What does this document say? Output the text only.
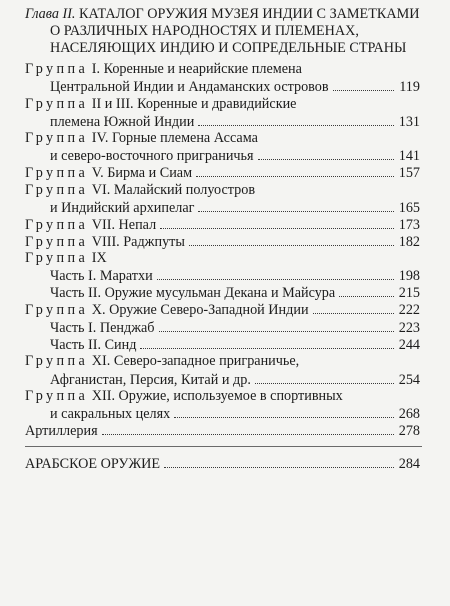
Глава II. КАТАЛОГ ОРУЖИЯ МУЗЕЯ ИНДИИ С ЗАМЕТКАМИ
О РАЗЛИЧНЫХ НАРОДНОСТЯХ И ПЛЕМЕНАХ,
НАСЕЛЯЮЩИХ ИНДИЮ И СОПРЕДЕЛЬНЫЕ СТРАНЫ
Группа I. Коренные и неарийские племена
Центральной Индии и Андаманских островов	119
Группа II и III. Коренные и дравидийские
племена Южной Индии	131
Группа IV. Горные племена Ассама
и северо-восточного приграничья	141
Группа V. Бирма и Сиам	157
Группа VI. Малайский полуостров
и Индийский архипелаг	165
Группа VII. Непал	173
Группа VIII. Раджпуты	182
Группа IX
Часть I. Маратхи	198
Часть II. Оружие мусульман Декана и Майсура	215
Группа X. Оружие Северо-Западной Индии	222
Часть I. Пенджаб	223
Часть II. Синд	244
Группа XI. Северо-западное приграничье,
Афганистан, Персия, Китай и др.	254
Группа XII. Оружие, используемое в спортивных
и сакральных целях	268
Артиллерия	278
АРАБСКОЕ ОРУЖИЕ	284
